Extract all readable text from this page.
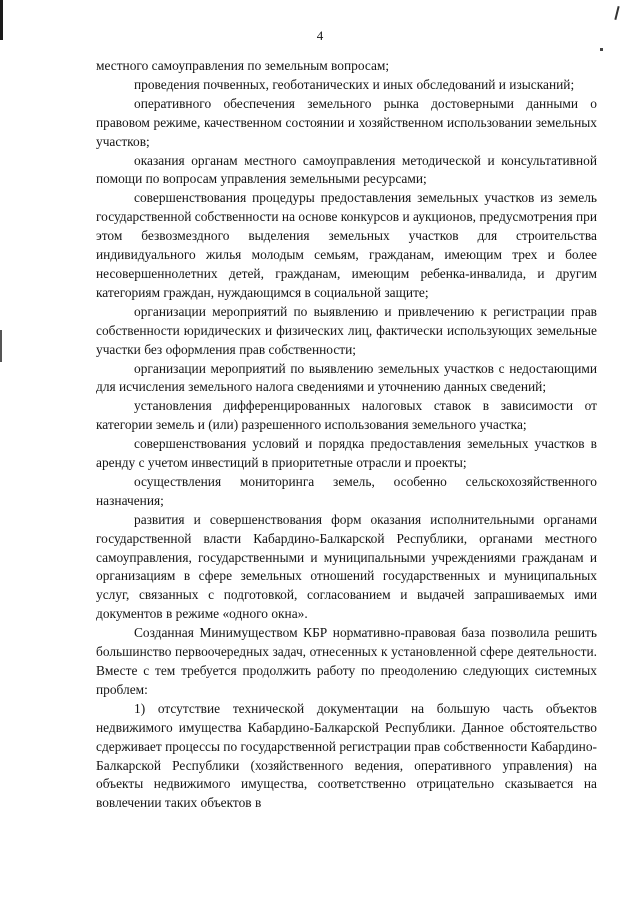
4

местного самоуправления по земельным вопросам;

проведения почвенных, геоботанических и иных обследований и изысканий;

оперативного обеспечения земельного рынка достоверными данными о правовом режиме, качественном состоянии и хозяйственном использовании земельных участков;

оказания органам местного самоуправления методической и консультативной помощи по вопросам управления земельными ресурсами;

совершенствования процедуры предоставления земельных участков из земель государственной собственности на основе конкурсов и аукционов, предусмотрения при этом безвозмездного выделения земельных участков для строительства индивидуального жилья молодым семьям, гражданам, имеющим трех и более несовершеннолетних детей, гражданам, имеющим ребенка-инвалида, и другим категориям граждан, нуждающимся в социальной защите;

организации мероприятий по выявлению и привлечению к регистрации прав собственности юридических и физических лиц, фактически использующих земельные участки без оформления прав собственности;

организации мероприятий по выявлению земельных участков с недостающими для исчисления земельного налога сведениями и уточнению данных сведений;

установления дифференцированных налоговых ставок в зависимости от категории земель и (или) разрешенного использования земельного участка;

совершенствования условий и порядка предоставления земельных участков в аренду с учетом инвестиций в приоритетные отрасли и проекты;

осуществления мониторинга земель, особенно сельскохозяйственного назначения;

развития и совершенствования форм оказания исполнительными органами государственной власти Кабардино-Балкарской Республики, органами местного самоуправления, государственными и муниципальными учреждениями гражданам и организациям в сфере земельных отношений государственных и муниципальных услуг, связанных с подготовкой, согласованием и выдачей запрашиваемых ими документов в режиме «одного окна».

Созданная Минимуществом КБР нормативно-правовая база позволила решить большинство первоочередных задач, отнесенных к установленной сфере деятельности. Вместе с тем требуется продолжить работу по преодолению следующих системных проблем:

1) отсутствие технической документации на большую часть объектов недвижимого имущества Кабардино-Балкарской Республики. Данное обстоятельство сдерживает процессы по государственной регистрации прав собственности Кабардино-Балкарской Республики (хозяйственного ведения, оперативного управления) на объекты недвижимого имущества, соответственно отрицательно сказывается на вовлечении таких объектов в
